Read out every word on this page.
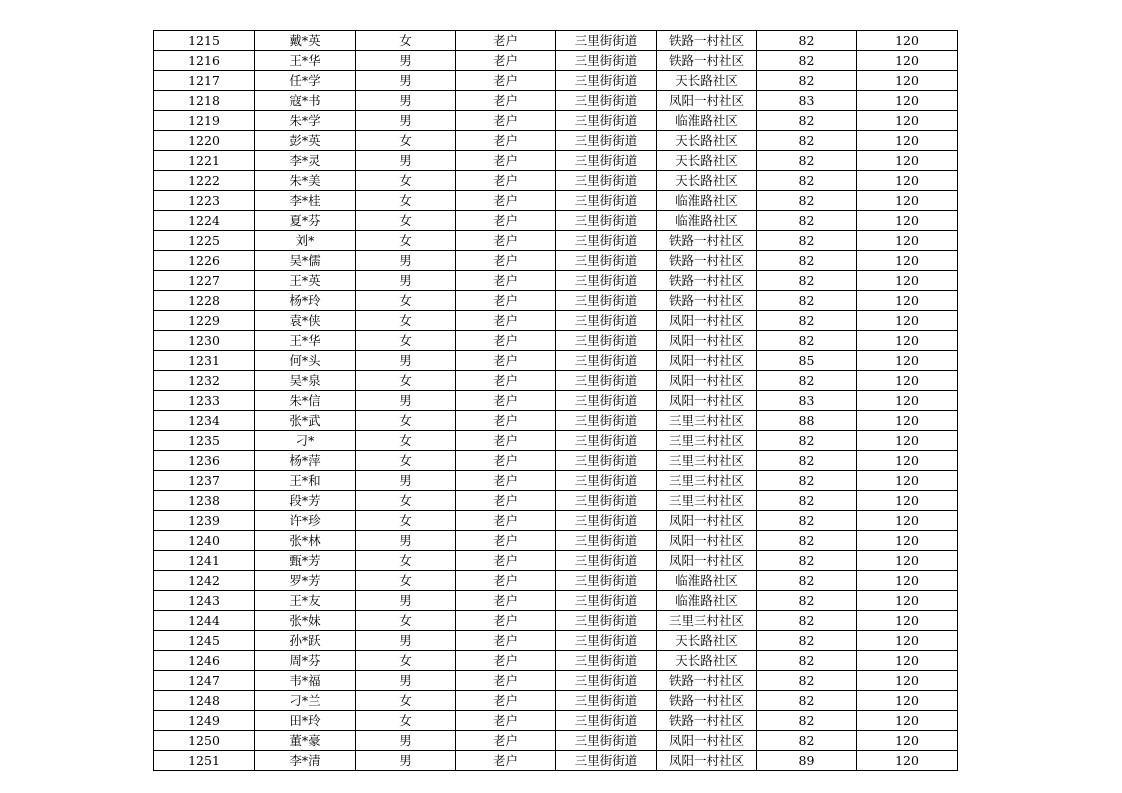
1215	戴*英	女	老户	三里街街道	铁路一村社区	82	120
1216	王*华	男	老户	三里街街道	铁路一村社区	82	120
1217	任*学	男	老户	三里街街道	天长路社区	82	120
1218	寇*书	男	老户	三里街街道	凤阳一村社区	83	120
1219	朱*学	男	老户	三里街街道	临淮路社区	82	120
1220	彭*英	女	老户	三里街街道	天长路社区	82	120
1221	李*灵	男	老户	三里街街道	天长路社区	82	120
1222	朱*美	女	老户	三里街街道	天长路社区	82	120
1223	李*桂	女	老户	三里街街道	临淮路社区	82	120
1224	夏*芬	女	老户	三里街街道	临淮路社区	82	120
1225	刘*	女	老户	三里街街道	铁路一村社区	82	120
1226	吴*儒	男	老户	三里街街道	铁路一村社区	82	120
1227	王*英	男	老户	三里街街道	铁路一村社区	82	120
1228	杨*玲	女	老户	三里街街道	铁路一村社区	82	120
1229	袁*侠	女	老户	三里街街道	凤阳一村社区	82	120
1230	王*华	女	老户	三里街街道	凤阳一村社区	82	120
1231	何*头	男	老户	三里街街道	凤阳一村社区	85	120
1232	吴*泉	女	老户	三里街街道	凤阳一村社区	82	120
1233	朱*信	男	老户	三里街街道	凤阳一村社区	83	120
1234	张*武	女	老户	三里街街道	三里三村社区	88	120
1235	刁*	女	老户	三里街街道	三里三村社区	82	120
1236	杨*萍	女	老户	三里街街道	三里三村社区	82	120
1237	王*和	男	老户	三里街街道	三里三村社区	82	120
1238	段*芳	女	老户	三里街街道	三里三村社区	82	120
1239	许*珍	女	老户	三里街街道	凤阳一村社区	82	120
1240	张*林	男	老户	三里街街道	凤阳一村社区	82	120
1241	甄*芳	女	老户	三里街街道	凤阳一村社区	82	120
1242	罗*芳	女	老户	三里街街道	临淮路社区	82	120
1243	王*友	男	老户	三里街街道	临淮路社区	82	120
1244	张*妹	女	老户	三里街街道	三里三村社区	82	120
1245	孙*跃	男	老户	三里街街道	天长路社区	82	120
1246	周*芬	女	老户	三里街街道	天长路社区	82	120
1247	韦*福	男	老户	三里街街道	铁路一村社区	82	120
1248	刁*兰	女	老户	三里街街道	铁路一村社区	82	120
1249	田*玲	女	老户	三里街街道	铁路一村社区	82	120
1250	董*豪	男	老户	三里街街道	凤阳一村社区	82	120
1251	李*清	男	老户	三里街街道	凤阳一村社区	89	120
